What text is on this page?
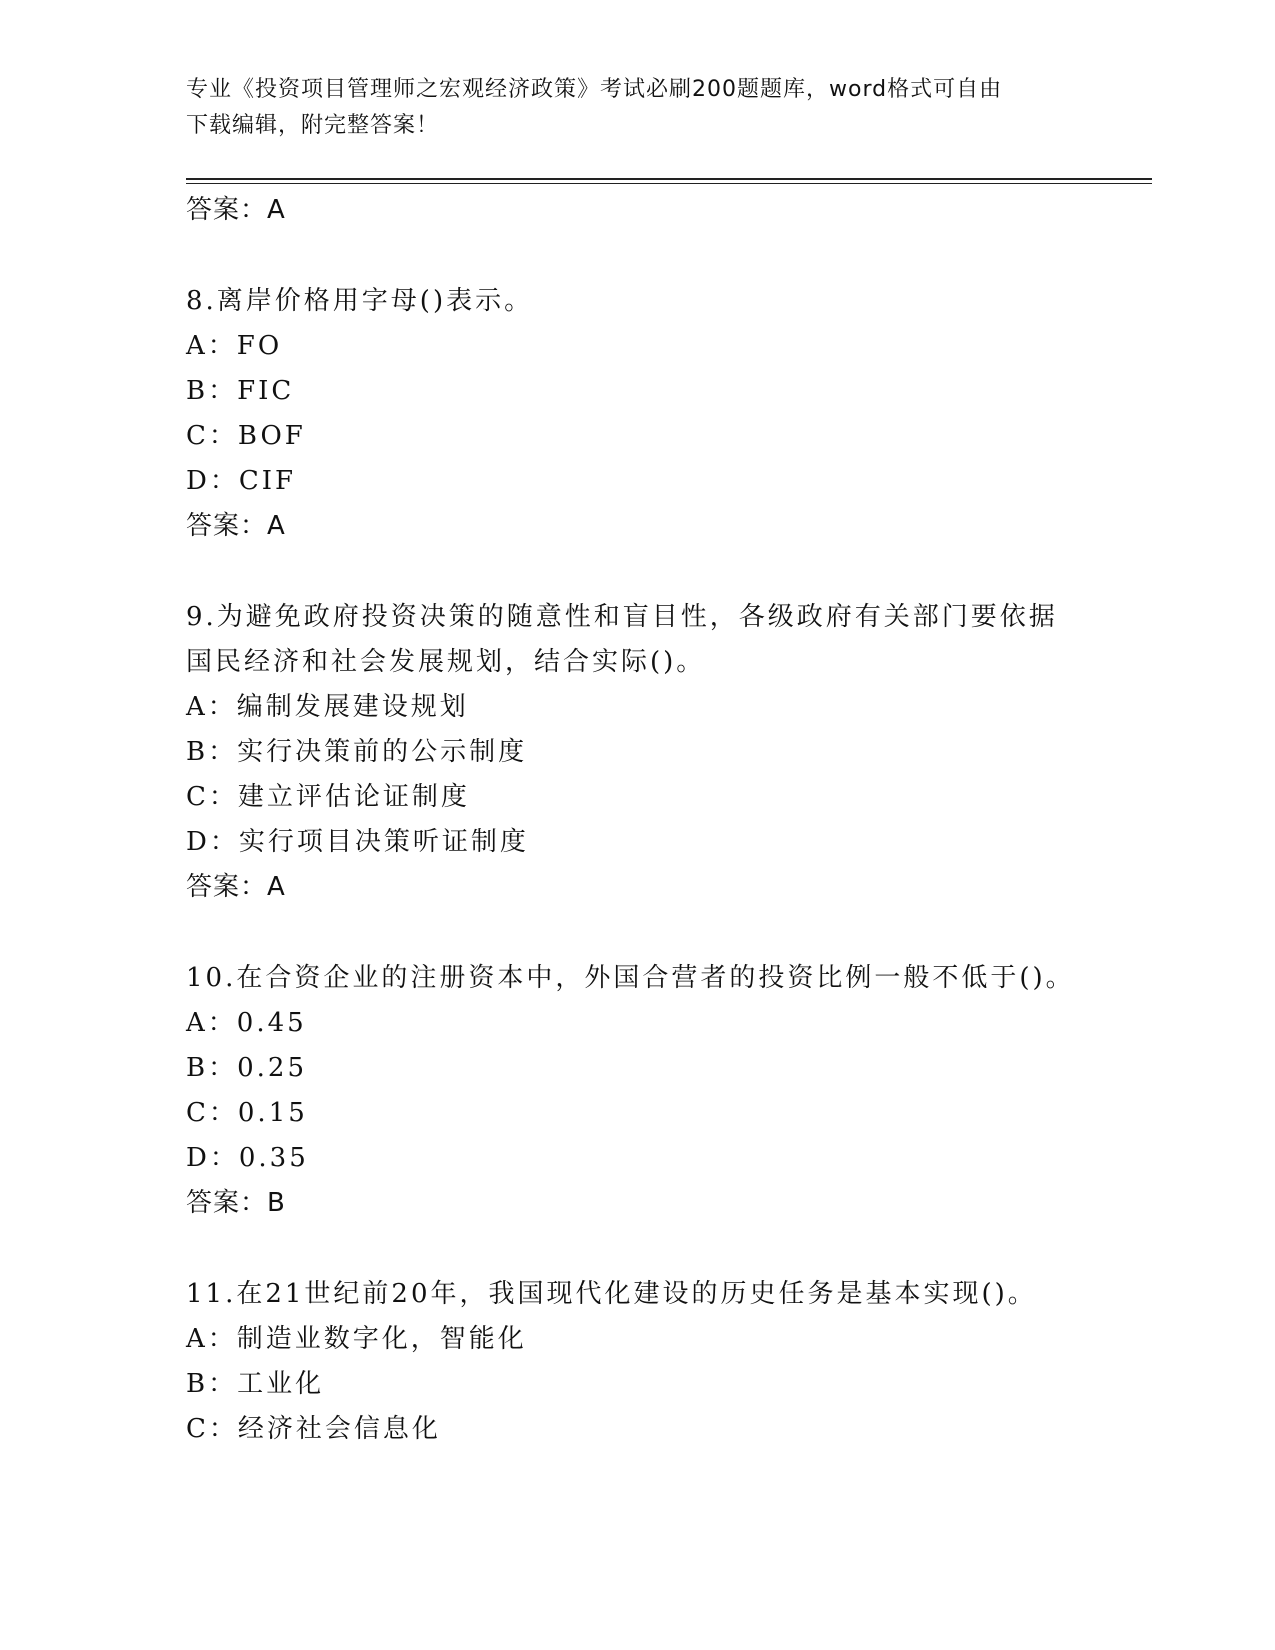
专业《投资项目管理师之宏观经济政策》考试必刷200题题库，word格式可自由
下载编辑，附完整答案！
答案：A
8.离岸价格用字母()表示。
A：FO
B：FIC
C：BOF
D：CIF
答案：A
9.为避免政府投资决策的随意性和盲目性，各级政府有关部门要依据
国民经济和社会发展规划，结合实际()。
A：编制发展建设规划
B：实行决策前的公示制度
C：建立评估论证制度
D：实行项目决策听证制度
答案：A
10.在合资企业的注册资本中，外国合营者的投资比例一般不低于()。
A：0.45
B：0.25
C：0.15
D：0.35
答案：B
11.在21世纪前20年，我国现代化建设的历史任务是基本实现()。
A：制造业数字化，智能化
B：工业化
C：经济社会信息化
